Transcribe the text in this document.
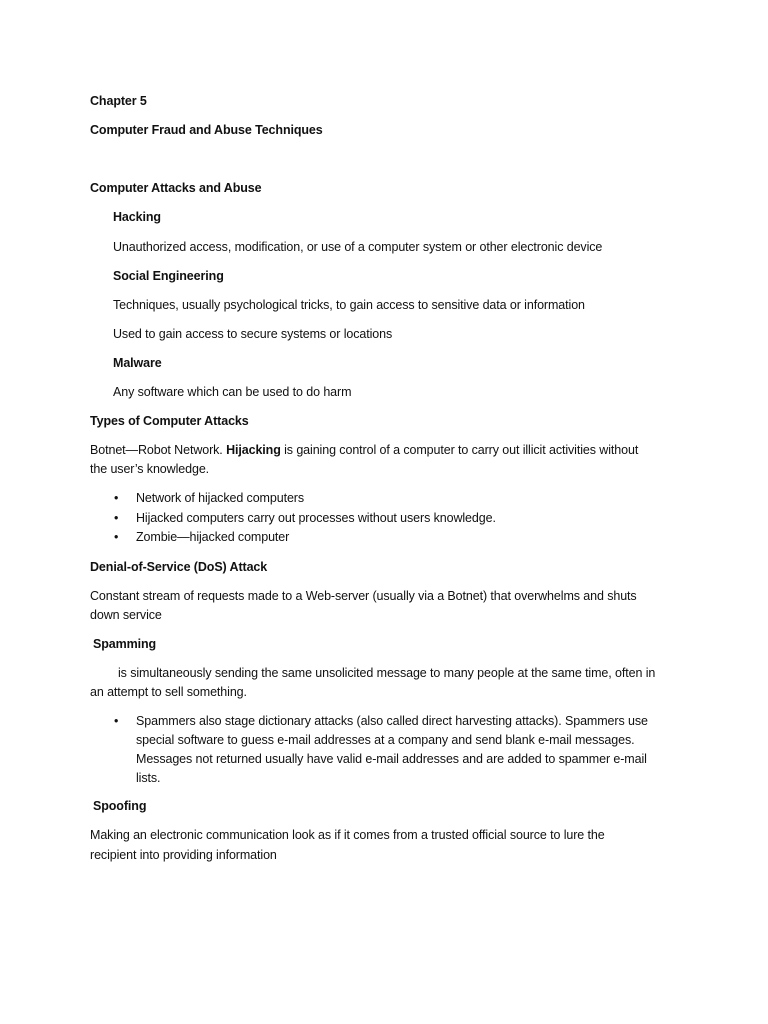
Chapter 5
Computer Fraud and Abuse Techniques
Computer Attacks and Abuse
Hacking
Unauthorized access, modification, or use of a computer system or other electronic device
Social Engineering
Techniques, usually psychological tricks, to gain access to sensitive data or information
Used to gain access to secure systems or locations
Malware
Any software which can be used to do harm
Types of Computer Attacks
Botnet—Robot Network. Hijacking is gaining control of a computer to carry out illicit activities without
the user’s knowledge.
• Network of hijacked computers
• Hijacked computers carry out processes without users knowledge.
• Zombie—hijacked computer
Denial-of-Service (DoS) Attack
Constant stream of requests made to a Web-server (usually via a Botnet) that overwhelms and shuts
down service
Spamming
is simultaneously sending the same unsolicited message to many people at the same time, often in
an attempt to sell something.
• Spammers also stage dictionary attacks (also called direct harvesting attacks). Spammers use
special software to guess e-mail addresses at a company and send blank e-mail messages.
Messages not returned usually have valid e-mail addresses and are added to spammer e-mail
lists.
Spoofing
Making an electronic communication look as if it comes from a trusted official source to lure the
recipient into providing information
